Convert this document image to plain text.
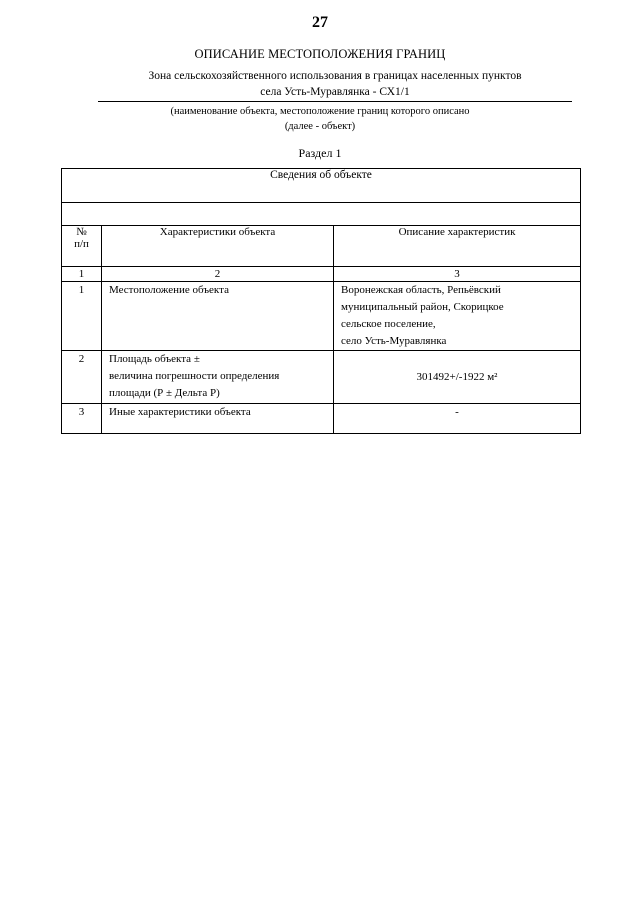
27
ОПИСАНИЕ МЕСТОПОЛОЖЕНИЯ ГРАНИЦ
Зона сельскохозяйственного использования в границах населенных пунктов
села Усть-Муравлянка - СХ1/1
(наименование объекта, местоположение границ которого описано
(далее - объект)
Раздел 1
Сведения об объекте		

№
п/п	Характеристики объекта	Описание характеристик
1	2	3
1	Местоположение объекта	Воронежская область, Репьёвский
муниципальный район, Скорицкое
сельское поселение,
село Усть-Муравлянка

2	Площадь объекта ±
величина погрешности определения
площади (Р ± Дельта Р)	301492+/-1922 м²
3	Иные характеристики объекта	-
